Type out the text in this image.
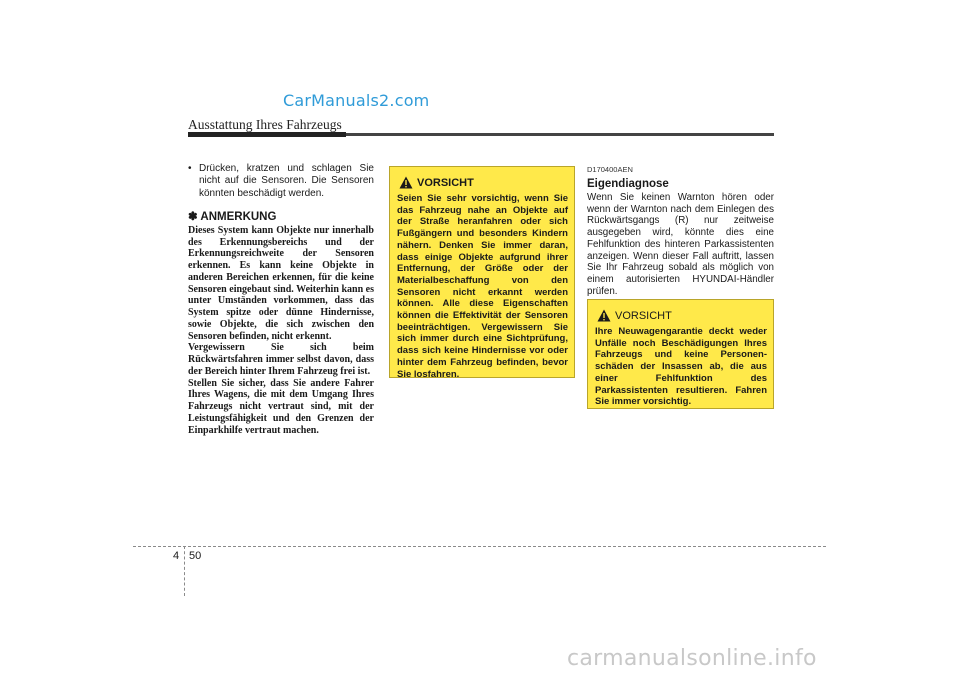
CarManuals2.com
Ausstattung Ihres Fahrzeugs
• Drücken, kratzen und schlagen Sie nicht auf die Sensoren. Die Sensoren könnten beschädigt werden.
✽ ANMERKUNG

Dieses System kann Objekte nur innerhalb des Erkennungsbereichs und der Erkennungsreichweite der Sensoren erkennen. Es kann keine Objekte in anderen Bereichen erkennen, für die keine Sensoren eingebaut sind. Weiterhin kann es unter Umständen vorkommen, dass das System spitze oder dünne Hindernisse, sowie Objekte, die sich zwischen den Sensoren befinden, nicht erkennt.

Vergewissern Sie sich beim Rückwärtsfahren immer selbst davon, dass der Bereich hinter Ihrem Fahrzeug frei ist.

Stellen Sie sicher, dass Sie andere Fahrer Ihres Wagens, die mit dem Umgang Ihres Fahrzeugs nicht vertraut sind, mit der Leistungsfähigkeit und den Grenzen der Einparkhilfe vertraut machen.

VORSICHT
Seien Sie sehr vorsichtig, wenn Sie das Fahrzeug nahe an Objekte auf der Straße heranfahren oder sich Fußgängern und besonders Kindern nähern. Denken Sie immer daran, dass einige Objekte aufgrund ihrer Entfernung, der Größe oder der Materialbeschaffung von den Sensoren nicht erkannt werden können. Alle diese Eigenschaften können die Effektivität der Sensoren beeinträchtigen. Vergewissern Sie sich immer durch eine Sichtprüfung, dass sich keine Hindernisse vor oder hinter dem Fahrzeug befinden, bevor Sie losfahren.
D170400AEN
Eigendiagnose
Wenn Sie keinen Warnton hören oder wenn der Warnton nach dem Einlegen des Rückwärtsgangs (R) nur zeitweise ausgegeben wird, könnte dies eine Fehlfunktion des hinteren Parkassistenten anzeigen. Wenn dieser Fall auftritt, lassen Sie Ihr Fahrzeug sobald als möglich von einem autorisierten HYUNDAI-Händler prüfen.
VORSICHT
Ihre Neuwagengarantie deckt weder Unfälle noch Beschädigungen Ihres Fahrzeugs und keine Personen-schäden der Insassen ab, die aus einer Fehlfunktion des Parkassistenten resultieren. Fahren Sie immer vorsichtig.
4 50
carmanualsonline.info
